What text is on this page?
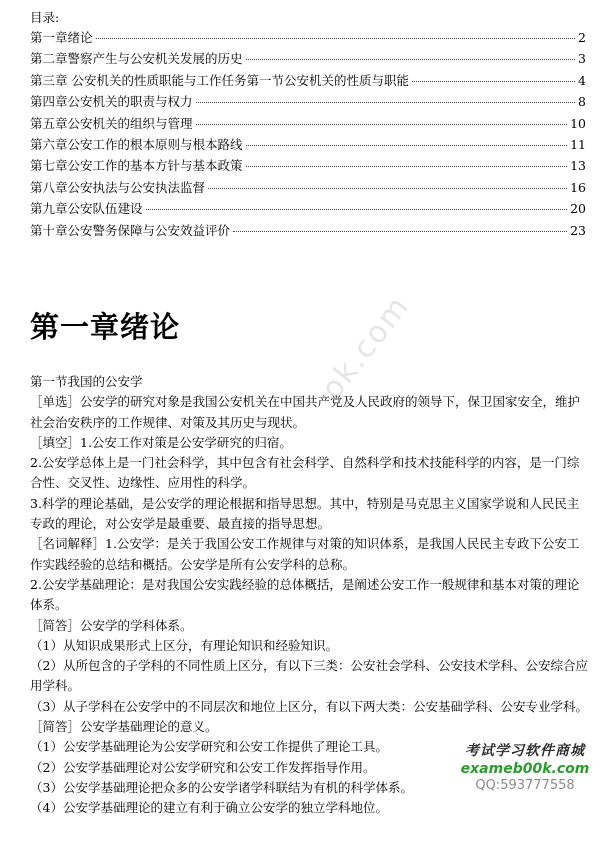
目录:
第一章绪论	2
第二章警察产生与公安机关发展的历史	3
第三章 公安机关的性质职能与工作任务第一节公安机关的性质与职能	4
第四章公安机关的职责与权力	8
第五章公安机关的组织与管理	10
第六章公安工作的根本原则与根本路线	11
第七章公安工作的基本方针与基本政策	13
第八章公安执法与公安执法监督	16
第九章公安队伍建设	20
第十章公安警务保障与公安效益评价	23
第一章绪论	ok.com

第一节我国的公安学

［单选］公安学的研究对象是我国公安机关在中国共产党及人民政府的领导下，保卫国家安全，维护社会治安秩序的工作规律、对策及其历史与现状。

［填空］1.公安工作对策是公安学研究的归宿。

2.公安学总体上是一门社会科学，其中包含有社会科学、自然科学和技术技能科学的内容，是一门综合性、交叉性、边缘性、应用性的科学。

3.科学的理论基础，是公安学的理论根据和指导思想。其中，特别是马克思主义国家学说和人民民主专政的理论，对公安学是最重要、最直接的指导思想。

［名词解释］1.公安学：是关于我国公安工作规律与对策的知识体系，是我国人民民主专政下公安工作实践经验的总结和概括。公安学是所有公安学科的总称。

2.公安学基础理论：是对我国公安实践经验的总体概括，是阐述公安工作一般规律和基本对策的理论体系。

［简答］公安学的学科体系。

（1）从知识成果形式上区分，有理论知识和经验知识。

（2）从所包含的子学科的不同性质上区分，有以下三类：公安社会学科、公安技术学科、公安综合应用学科。

（3）从子学科在公安学中的不同层次和地位上区分，有以下两大类：公安基础学科、公安专业学科。

［简答］公安学基础理论的意义。

（1）公安学基础理论为公安学研究和公安工作提供了理论工具。

（2）公安学基础理论对公安学研究和公安工作发挥指导作用。

（3）公安学基础理论把众多的公安学诸学科联结为有机的科学体系。

（4）公安学基础理论的建立有利于确立公安学的独立学科地位。

考试学习软件商城
exameb00k.com
QQ:593777558
